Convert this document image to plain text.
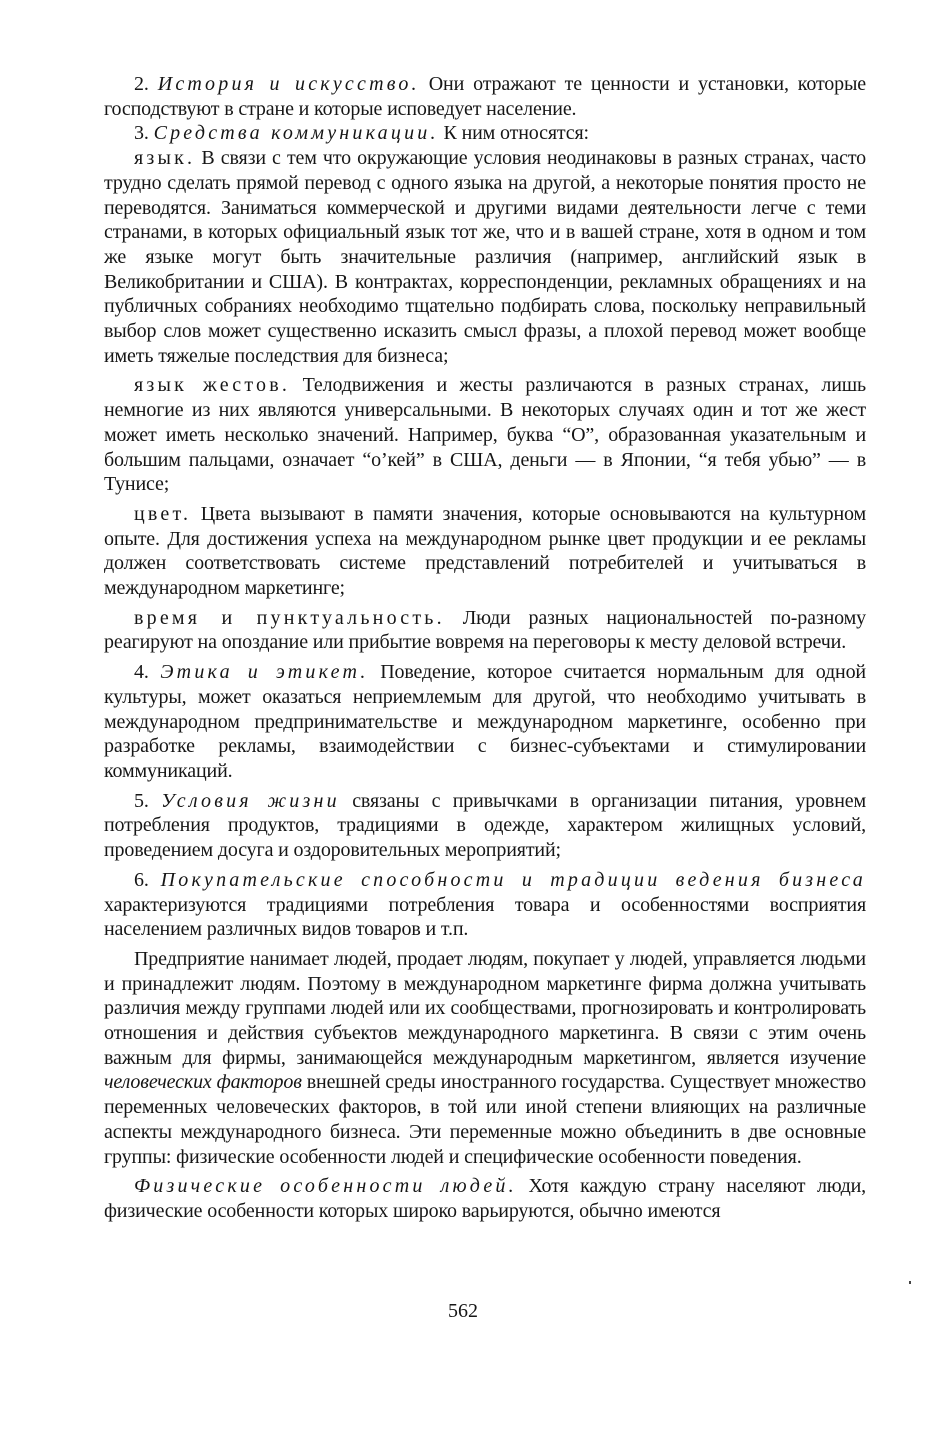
2. История и искусство. Они отражают те ценности и установки, которые господствуют в стране и которые исповедует население.

3. Средства коммуникации. К ним относятся:

язык. В связи с тем что окружающие условия неодинаковы в разных странах, часто трудно сделать прямой перевод с одного языка на другой, а некоторые понятия просто не переводятся. Заниматься коммерческой и другими видами деятельности легче с теми странами, в которых официальный язык тот же, что и в вашей стране, хотя в одном и том же языке могут быть значительные различия (например, английский язык в Великобритании и США). В контрактах, корреспонденции, рекламных обращениях и на публичных собраниях необходимо тщательно подбирать слова, поскольку неправильный выбор слов может существенно исказить смысл фразы, а плохой перевод может вообще иметь тяжелые последствия для бизнеса;

язык жестов. Телодвижения и жесты различаются в разных странах, лишь немногие из них являются универсальными. В некоторых случаях один и тот же жест может иметь несколько значений. Например, буква “О”, образованная указательным и большим пальцами, означает “о’кей” в США, деньги — в Японии, “я тебя убью” — в Тунисе;

цвет. Цвета вызывают в памяти значения, которые основываются на культурном опыте. Для достижения успеха на международном рынке цвет продукции и ее рекламы должен соответствовать системе представлений потребителей и учитываться в международном маркетинге;

время и пунктуальность. Люди разных национальностей по-разному реагируют на опоздание или прибытие вовремя на переговоры к месту деловой встречи.

4. Этика и этикет. Поведение, которое считается нормальным для одной культуры, может оказаться неприемлемым для другой, что необходимо учитывать в международном предпринимательстве и международном маркетинге, особенно при разработке рекламы, взаимодействии с бизнес-субъектами и стимулировании коммуникаций.

5. Условия жизни связаны с привычками в организации питания, уровнем потребления продуктов, традициями в одежде, характером жилищных условий, проведением досуга и оздоровительных мероприятий;

6. Покупательские способности и традиции ведения бизнеса характеризуются традициями потребления товара и особенностями восприятия населением различных видов товаров и т.п.

Предприятие нанимает людей, продает людям, покупает у людей, управляется людьми и принадлежит людям. Поэтому в международном маркетинге фирма должна учитывать различия между группами людей или их сообществами, прогнозировать и контролировать отношения и действия субъектов международного маркетинга. В связи с этим очень важным для фирмы, занимающейся международным маркетингом, является изучение человеческих факторов внешней среды иностранного государства. Существует множество переменных человеческих факторов, в той или иной степени влияющих на различные аспекты международного бизнеса. Эти переменные можно объединить в две основные группы: физические особенности людей и специфические особенности поведения.

Физические особенности людей. Хотя каждую страну населяют люди, физические особенности которых широко варьируются, обычно имеются

562
